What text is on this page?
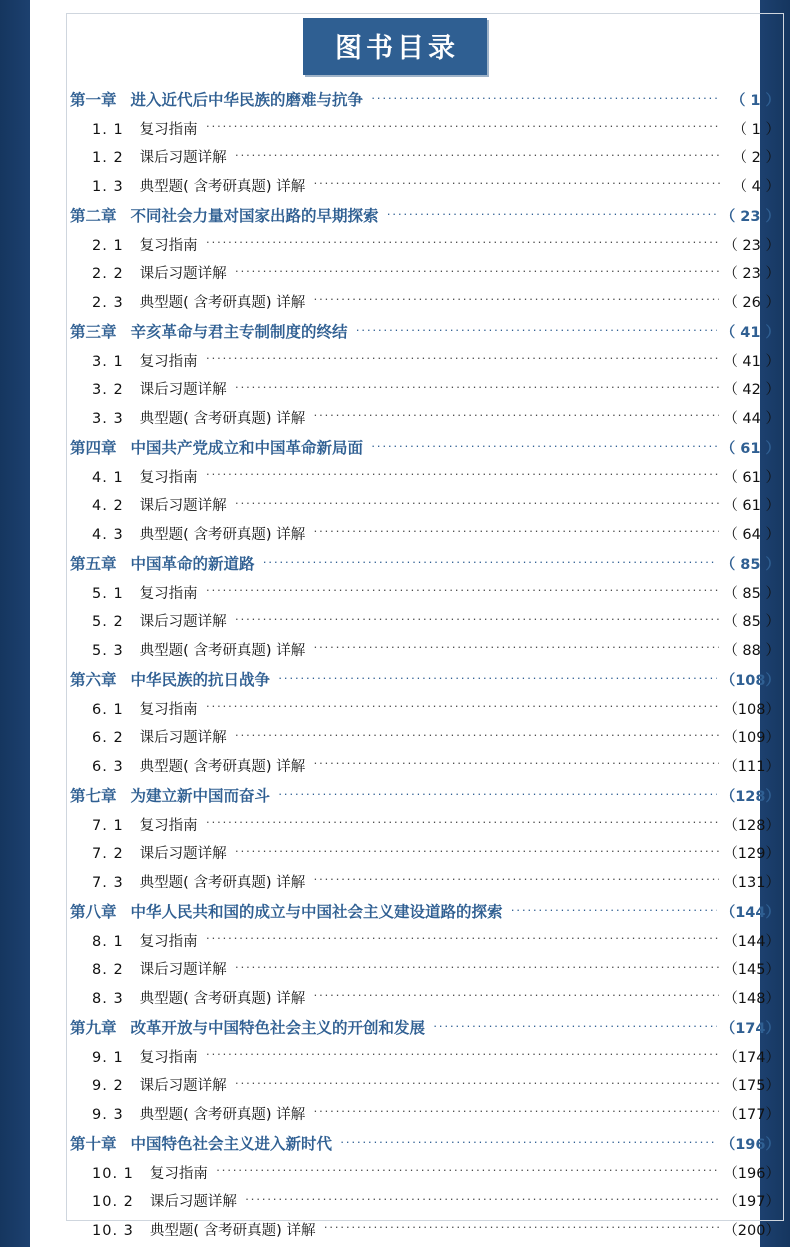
图书目录
第一章 进入近代后中华民族的磨难与抗争 ·····	（ 1 ）
1. 1 复习指南 ·····	（ 1 ）
1. 2 课后习题详解 ·····	（ 2 ）
1. 3 典型题( 含考研真题) 详解 ·····	（ 4 ）
第二章 不同社会力量对国家出路的早期探索 ·····	（ 23 ）
2. 1 复习指南 ·····	（ 23 ）
2. 2 课后习题详解 ·····	（ 23 ）
2. 3 典型题( 含考研真题) 详解 ·····	（ 26 ）
第三章 辛亥革命与君主专制制度的终结 ·····	（ 41 ）
3. 1 复习指南 ·····	（ 41 ）
3. 2 课后习题详解 ·····	（ 42 ）
3. 3 典型题( 含考研真题) 详解 ·····	（ 44 ）
第四章 中国共产党成立和中国革命新局面 ·····	（ 61 ）
4. 1 复习指南 ·····	（ 61 ）
4. 2 课后习题详解 ·····	（ 61 ）
4. 3 典型题( 含考研真题) 详解 ·····	（ 64 ）
第五章 中国革命的新道路 ·····	（ 85 ）
5. 1 复习指南 ·····	（ 85 ）
5. 2 课后习题详解 ·····	（ 85 ）
5. 3 典型题( 含考研真题) 详解 ·····	（ 88 ）
第六章 中华民族的抗日战争 ·····	（108）
6. 1 复习指南 ·····	（108）
6. 2 课后习题详解 ·····	（109）
6. 3 典型题( 含考研真题) 详解 ·····	（111）
第七章 为建立新中国而奋斗 ·····	（128）
7. 1 复习指南 ·····	（128）
7. 2 课后习题详解 ·····	（129）
7. 3 典型题( 含考研真题) 详解 ·····	（131）
第八章 中华人民共和国的成立与中国社会主义建设道路的探索 ·····	（144）
8. 1 复习指南 ·····	（144）
8. 2 课后习题详解 ·····	（145）
8. 3 典型题( 含考研真题) 详解 ·····	（148）
第九章 改革开放与中国特色社会主义的开创和发展 ·····	（174）
9. 1 复习指南 ·····	（174）
9. 2 课后习题详解 ·····	（175）
9. 3 典型题( 含考研真题) 详解 ·····	（177）
第十章 中国特色社会主义进入新时代 ·····	（196）
10. 1 复习指南 ·····	（196）
10. 2 课后习题详解 ·····	（197）
10. 3 典型题( 含考研真题) 详解 ·····	（200）
